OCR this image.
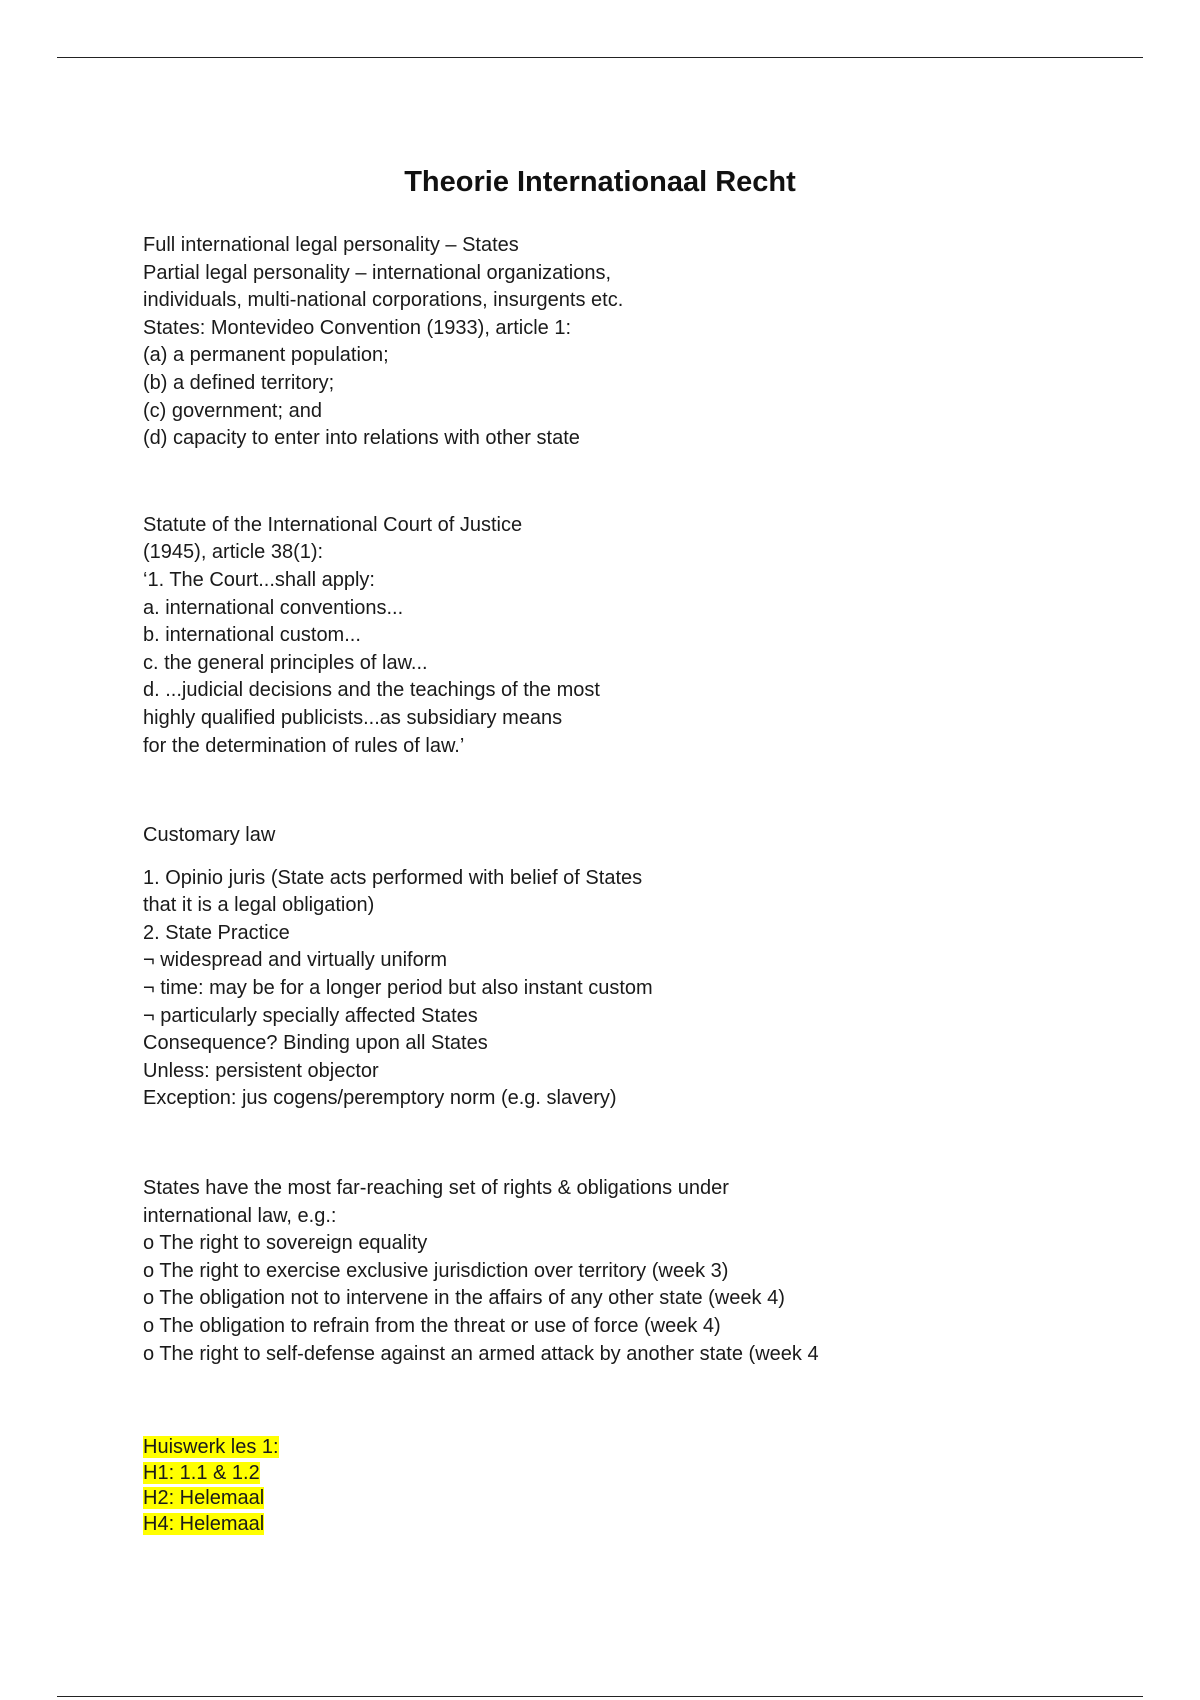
Theorie Internationaal Recht
Full international legal personality – States
Partial legal personality – international organizations,
individuals, multi-national corporations, insurgents etc.
States: Montevideo Convention (1933), article 1:
(a) a permanent population;
(b) a defined territory;
(c) government; and
(d) capacity to enter into relations with other state
Statute of the International Court of Justice
(1945), article 38(1):
‘1. The Court...shall apply:
a. international conventions...
b. international custom...
c. the general principles of law...
d. ...judicial decisions and the teachings of the most
highly qualified publicists...as subsidiary means
for the determination of rules of law.’
Customary law
1. Opinio juris (State acts performed with belief of States
that it is a legal obligation)
2. State Practice
¬ widespread and virtually uniform
¬ time: may be for a longer period but also instant custom
¬ particularly specially affected States
Consequence? Binding upon all States
Unless: persistent objector
Exception: jus cogens/peremptory norm (e.g. slavery)
States have the most far-reaching set of rights & obligations under
international law, e.g.:
o The right to sovereign equality
o The right to exercise exclusive jurisdiction over territory (week 3)
o The obligation not to intervene in the affairs of any other state (week 4)
o The obligation to refrain from the threat or use of force (week 4)
o The right to self-defense against an armed attack by another state (week 4
Huiswerk les 1:
H1: 1.1 & 1.2
H2: Helemaal
H4: Helemaal
